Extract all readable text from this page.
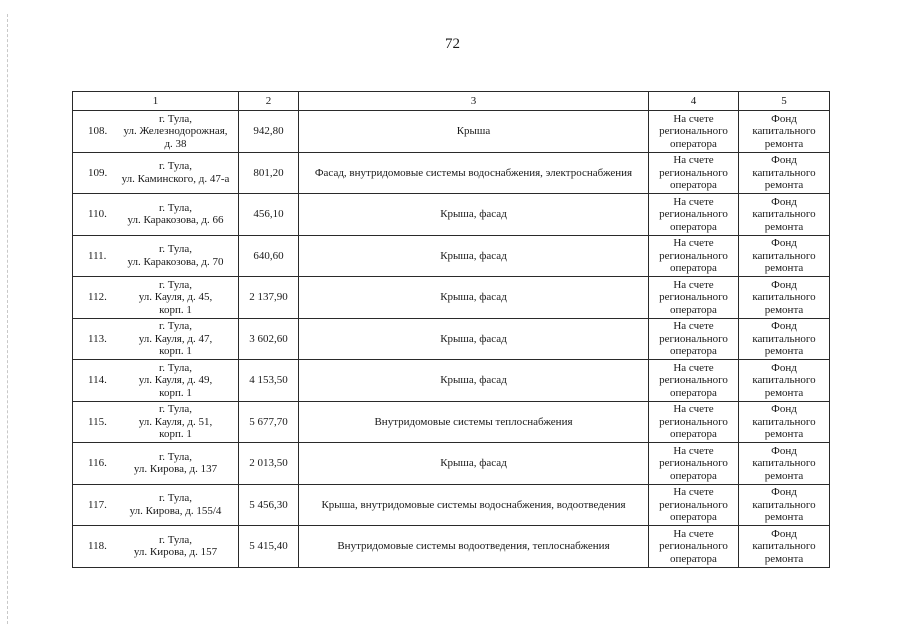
72
1	2	3	4	5

108.
г. Тула,
ул. Железнодорожная,
д. 38	942,80	Крыша	На счете
регионального
оператора	Фонд
капитального
ремонта

109.
г. Тула,
ул. Каминского, д. 47-а	801,20	Фасад, внутридомовые системы водоснабжения, электроснабжения	На счете
регионального
оператора	Фонд
капитального
ремонта

110.
г. Тула,
ул. Каракозова, д. 66	456,10	Крыша, фасад	На счете
регионального
оператора	Фонд
капитального
ремонта

111.
г. Тула,
ул. Каракозова, д. 70	640,60	Крыша, фасад	На счете
регионального
оператора	Фонд
капитального
ремонта

112.
г. Тула,
ул. Кауля, д. 45,
корп. 1	2 137,90	Крыша, фасад	На счете
регионального
оператора	Фонд
капитального
ремонта

113.
г. Тула,
ул. Кауля, д. 47,
корп. 1	3 602,60	Крыша, фасад	На счете
регионального
оператора	Фонд
капитального
ремонта

114.
г. Тула,
ул. Кауля, д. 49,
корп. 1	4 153,50	Крыша, фасад	На счете
регионального
оператора	Фонд
капитального
ремонта

115.
г. Тула,
ул. Кауля, д. 51,
корп. 1	5 677,70	Внутридомовые системы теплоснабжения	На счете
регионального
оператора	Фонд
капитального
ремонта

116.
г. Тула,
ул. Кирова, д. 137	2 013,50	Крыша, фасад	На счете
регионального
оператора	Фонд
капитального
ремонта

117.
г. Тула,
ул. Кирова, д. 155/4	5 456,30	Крыша, внутридомовые системы водоснабжения, водоотведения	На счете
регионального
оператора	Фонд
капитального
ремонта

118.
г. Тула,
ул. Кирова, д. 157	5 415,40	Внутридомовые системы водоотведения, теплоснабжения	На счете
регионального
оператора	Фонд
капитального
ремонта
